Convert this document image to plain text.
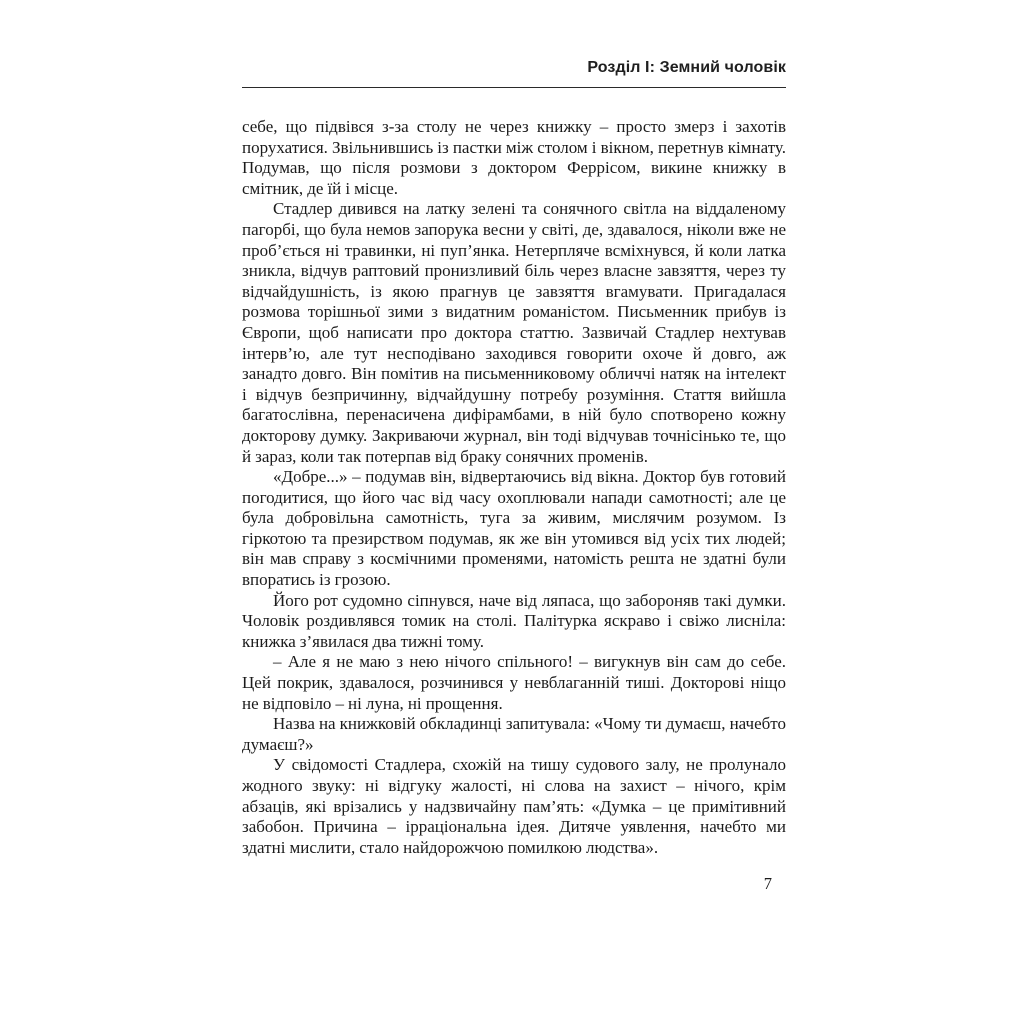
Розділ І: Земний чоловік

себе, що підвівся з-за столу не через книжку – просто змерз і захотів порухатися. Звільнившись із пастки між столом і вікном, перетнув кімнату. Подумав, що після розмови з доктором Феррісом, викине книжку в смітник, де їй і місце.

Стадлер дивився на латку зелені та сонячного світла на віддаленому пагорбі, що була немов запорука весни у світі, де, здавалося, ніколи вже не проб’ється ні травинки, ні пуп’янка. Нетерпляче всміхнувся, й коли латка зникла, відчув раптовий пронизливий біль через власне завзяття, через ту відчайдушність, із якою прагнув це завзяття вгамувати. Пригадалася розмова торішньої зими з видатним романістом. Письменник прибув із Європи, щоб написати про доктора статтю. Зазвичай Стадлер нехтував інтерв’ю, але тут несподівано заходився говорити охоче й довго, аж занадто довго. Він помітив на письменниковому обличчі натяк на інтелект і відчув безпричинну, відчайдушну потребу розуміння. Стаття вийшла багатослівна, перенасичена дифірамбами, в ній було спотворено кожну докторову думку. Закриваючи журнал, він тоді відчував точнісінько те, що й зараз, коли так потерпав від браку сонячних променів.

«Добре...» – подумав він, відвертаючись від вікна. Доктор був готовий погодитися, що його час від часу охоплювали напади самотності; але це була добровільна самотність, туга за живим, мислячим розумом. Із гіркотою та презирством подумав, як же він утомився від усіх тих людей; він мав справу з космічними променями, натомість решта не здатні були впоратись із грозою.

Його рот судомно сіпнувся, наче від ляпаса, що забороняв такі думки. Чоловік роздивлявся томик на столі. Палітурка яскраво і свіжо лисніла: книжка з’явилася два тижні тому.

– Але я не маю з нею нічого спільного! – вигукнув він сам до себе. Цей покрик, здавалося, розчинився у невблаганній тиші. Докторові ніщо не відповіло – ні луна, ні прощення.

Назва на книжковій обкладинці запитувала: «Чому ти думаєш, начебто думаєш?»

У свідомості Стадлера, схожій на тишу судового залу, не пролунало жодного звуку: ні відгуку жалості, ні слова на захист – нічого, крім абзаців, які врізались у надзвичайну пам’ять: «Думка – це примітивний забобон. Причина – ірраціональна ідея. Дитяче уявлення, начебто ми здатні мислити, стало найдорожчою помилкою людства».

7
